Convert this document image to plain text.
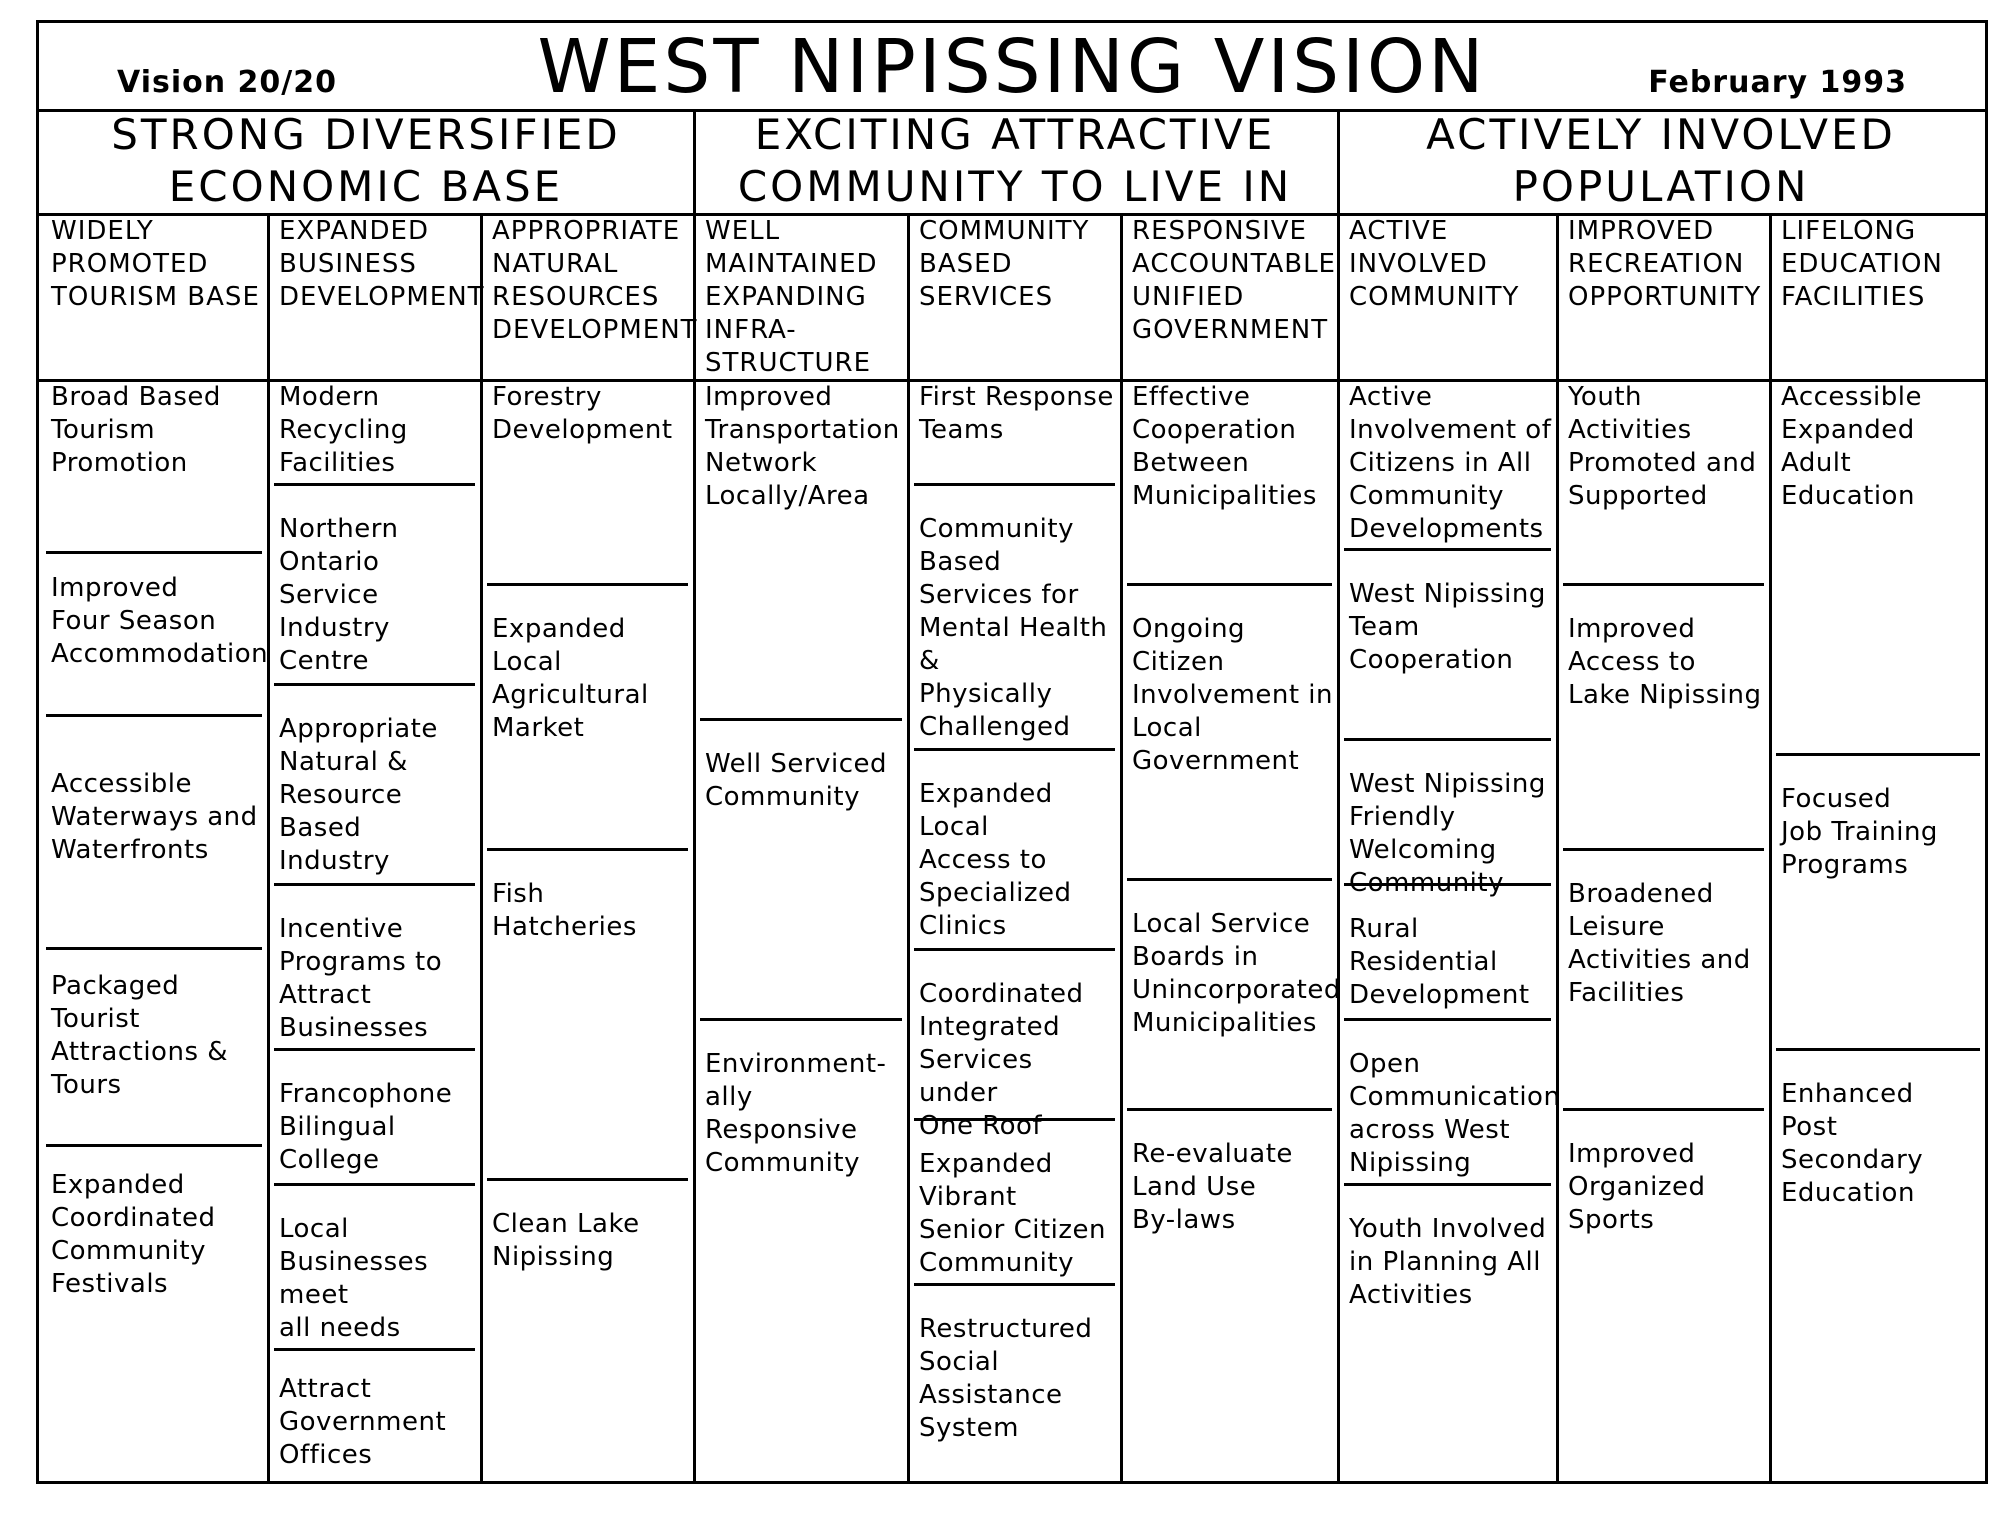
WEST NIPISSING VISION
Vision 20/20	February 1993
STRONG DIVERSIFIED ECONOMIC BASE
WIDELY
PROMOTED
TOURISM BASE
Broad Based
Tourism
Promotion
Improved
Four Season
Accommodation
Accessible
Waterways and
Waterfronts
Packaged
Tourist
Attractions &
Tours
Expanded
Coordinated
Community
Festivals
EXPANDED
BUSINESS
DEVELOPMENT
Modern
Recycling
Facilities
Northern
Ontario
Service
Industry
Centre
Appropriate
Natural &
Resource
Based
Industry
Incentive
Programs to
Attract
Businesses
Francophone
Bilingual
College
Local
Businesses
meet
all needs
Attract
Government
Offices
APPROPRIATE
NATURAL
RESOURCES
DEVELOPMENT
Forestry
Development
Expanded
Local
Agricultural
Market
Fish
Hatcheries
Clean Lake
Nipissing
EXCITING ATTRACTIVE COMMUNITY TO LIVE IN
WELL
MAINTAINED
EXPANDING
INFRA-
STRUCTURE
Improved
Transportation
Network
Locally/Area
Well Serviced
Community
Environment-
ally
Responsive
Community
COMMUNITY
BASED
SERVICES
First Response
Teams
Community
Based
Services for
Mental Health
&
Physically
Challenged
Expanded
Local
Access to
Specialized
Clinics
Coordinated
Integrated
Services under
One Roof
Expanded
Vibrant
Senior Citizen
Community
Restructured
Social
Assistance
System
RESPONSIVE
ACCOUNTABLE
UNIFIED
GOVERNMENT
Effective
Cooperation
Between
Municipalities
Ongoing
Citizen
Involvement in
Local
Government
Local Service
Boards in
Unincorporated
Municipalities
Re-evaluate
Land Use
By-laws
ACTIVELY INVOLVED POPULATION
ACTIVE
INVOLVED
COMMUNITY
Active
Involvement of
Citizens in All
Community
Developments
West Nipissing
Team
Cooperation
West Nipissing
Friendly
Welcoming
Community
Rural
Residential
Development
Open
Communication
across West
Nipissing
Youth Involved
in Planning All
Activities
IMPROVED
RECREATION
OPPORTUNITY
Youth
Activities
Promoted and
Supported
Improved
Access to
Lake Nipissing
Broadened
Leisure
Activities and
Facilities
Improved
Organized
Sports
LIFELONG
EDUCATION
FACILITIES
Accessible
Expanded
Adult
Education
Focused
Job Training
Programs
Enhanced
Post
Secondary
Education
